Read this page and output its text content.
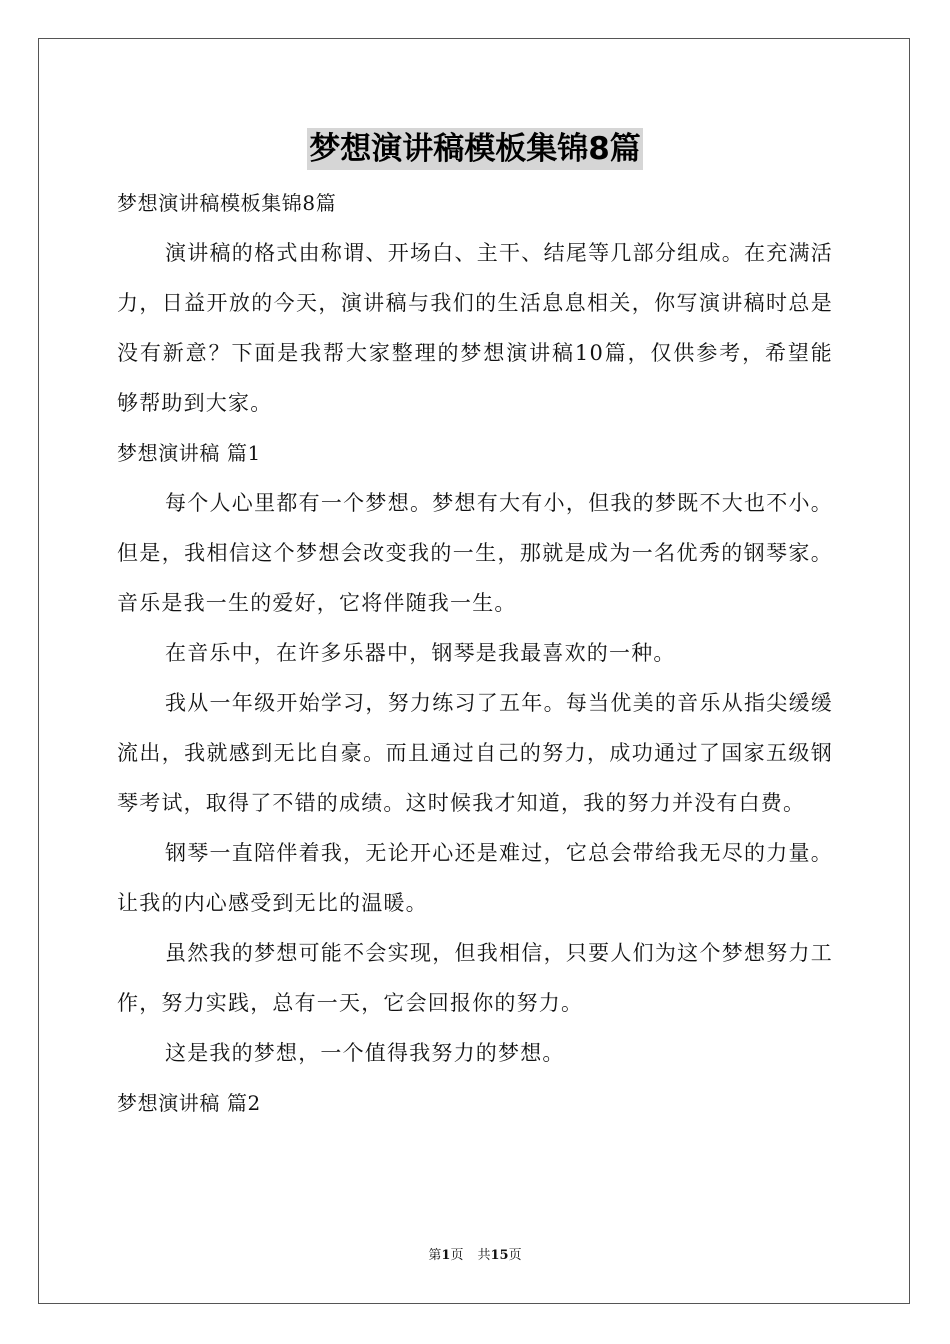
梦想演讲稿模板集锦8篇

梦想演讲稿模板集锦8篇

演讲稿的格式由称谓、开场白、主干、结尾等几部分组成。在充满活力，日益开放的今天，演讲稿与我们的生活息息相关，你写演讲稿时总是没有新意？下面是我帮大家整理的梦想演讲稿10篇，仅供参考，希望能够帮助到大家。

梦想演讲稿 篇1

每个人心里都有一个梦想。梦想有大有小，但我的梦既不大也不小。但是，我相信这个梦想会改变我的一生，那就是成为一名优秀的钢琴家。音乐是我一生的爱好，它将伴随我一生。

在音乐中，在许多乐器中，钢琴是我最喜欢的一种。

我从一年级开始学习，努力练习了五年。每当优美的音乐从指尖缓缓流出，我就感到无比自豪。而且通过自己的努力，成功通过了国家五级钢琴考试，取得了不错的成绩。这时候我才知道，我的努力并没有白费。

钢琴一直陪伴着我，无论开心还是难过，它总会带给我无尽的力量。让我的内心感受到无比的温暖。

虽然我的梦想可能不会实现，但我相信，只要人们为这个梦想努力工作，努力实践，总有一天，它会回报你的努力。

这是我的梦想，一个值得我努力的梦想。

梦想演讲稿 篇2

第1页 共15页
